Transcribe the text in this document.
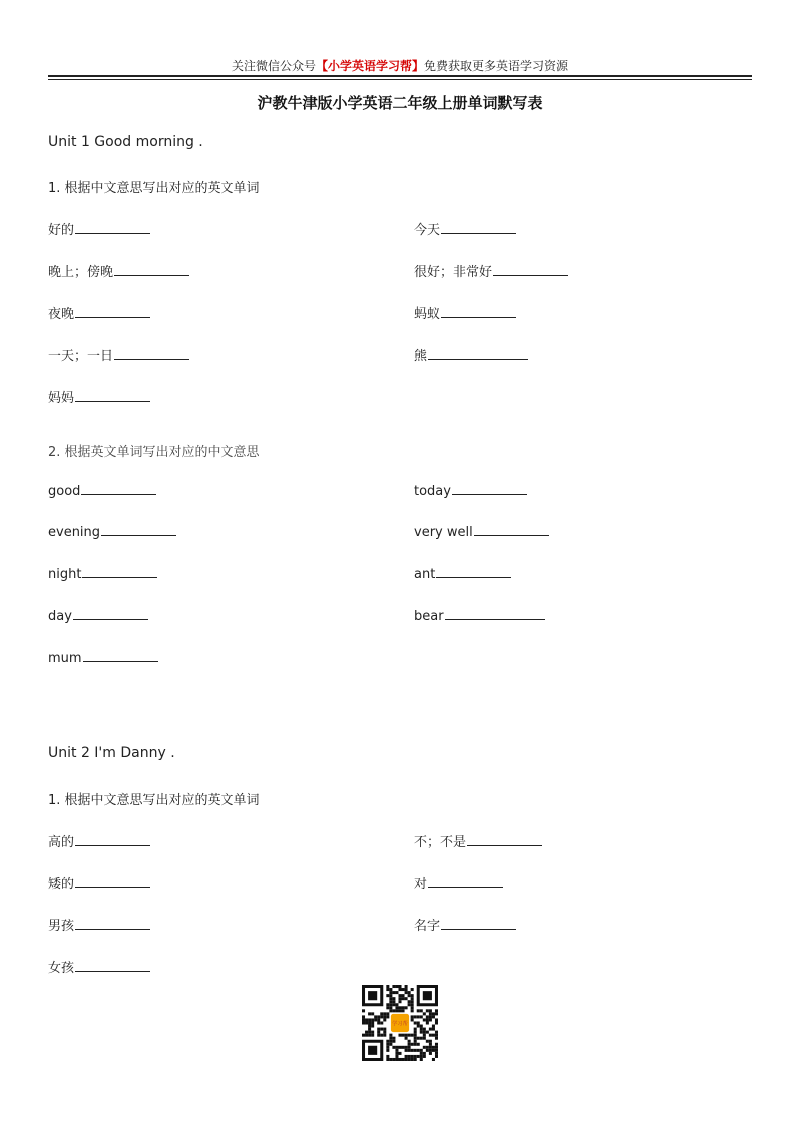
关注微信公众号【小学英语学习帮】免费获取更多英语学习资源
沪教牛津版小学英语二年级上册单词默写表
Unit 1 Good morning .
1. 根据中文意思写出对应的英文单词
好的	今天
晚上；傍晚	很好；非常好
夜晚	蚂蚁
一天；一日	熊
妈妈
2. 根据英文单词写出对应的中文意思
good	today
evening	very well
night	ant
day	bear
mum
Unit 2 I'm Danny .
1. 根据中文意思写出对应的英文单词
高的	不；不是
矮的	对
男孩	名字
女孩
学习帮
